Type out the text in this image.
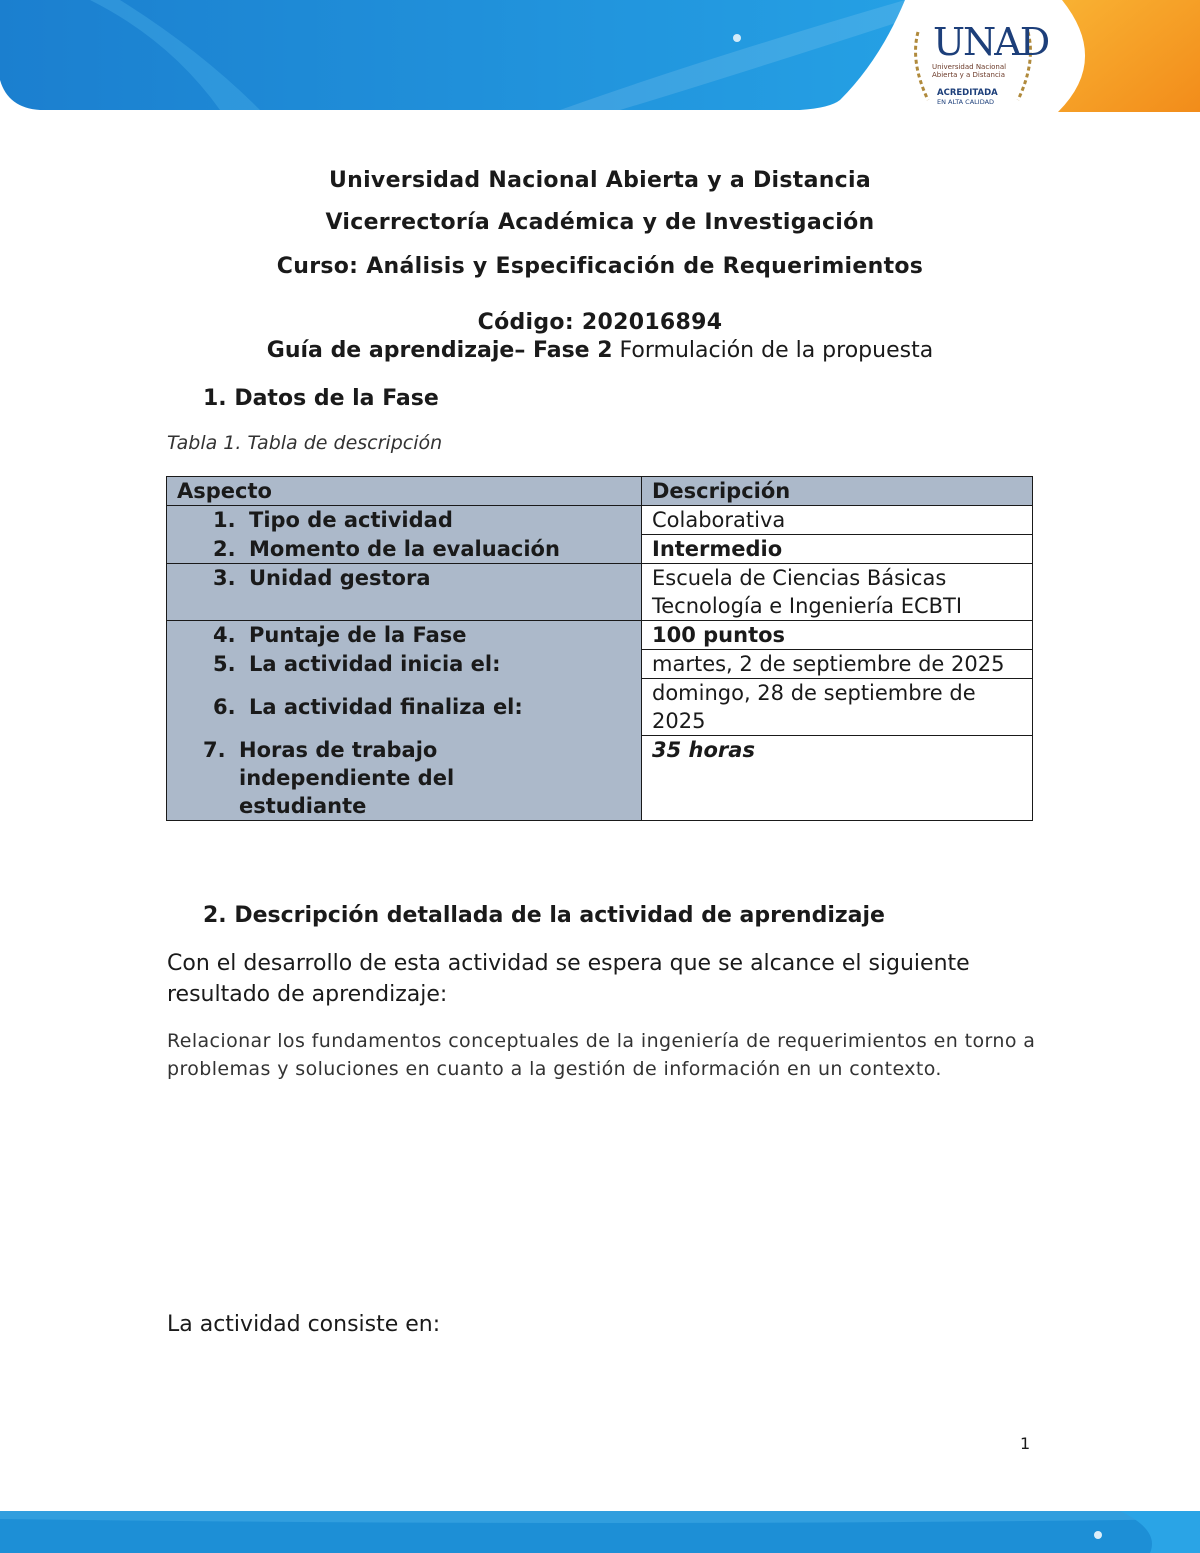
UNAD
Universidad Nacional Abierta y a Distancia
ACREDITADA
EN ALTA CALIDAD
Universidad Nacional Abierta y a Distancia
Vicerrectoría Académica y de Investigación
Curso: Análisis y Especificación de Requerimientos
Código: 202016894
Guía de aprendizaje– Fase 2 Formulación de la propuesta
1. Datos de la Fase
Tabla 1. Tabla de descripción
Aspecto	Descripción
1. Tipo de actividad	Colaborativa
2. Momento de la evaluación	Intermedio
3. Unidad gestora	Escuela de Ciencias Básicas Tecnología e Ingeniería ECBTI
4. Puntaje de la Fase	100 puntos
5. La actividad inicia el:	martes, 2 de septiembre de 2025
6. La actividad finaliza el:	domingo, 28 de septiembre de 2025

7. Horas de trabajo independiente del estudiante	35 horas
2. Descripción detallada de la actividad de aprendizaje
Con el desarrollo de esta actividad se espera que se alcance el siguiente resultado de aprendizaje:
Relacionar los fundamentos conceptuales de la ingeniería de requerimientos en torno a problemas y soluciones en cuanto a la gestión de información en un contexto.
La actividad consiste en:
1
